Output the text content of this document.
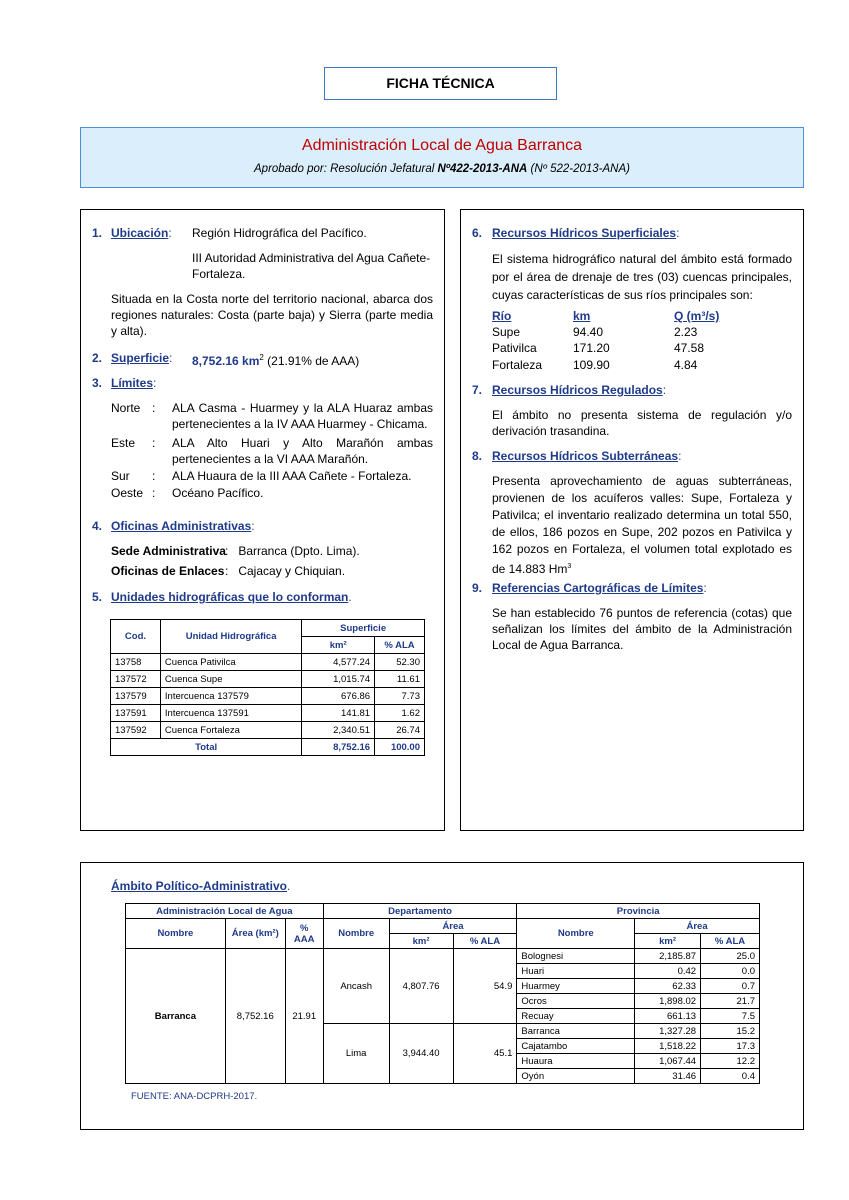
FICHA TÉCNICA
Administración Local de Agua Barranca
Aprobado por: Resolución Jefatural Nº422-2013-ANA (Nº 522-2013-ANA)
1. Ubicación: Región Hidrográfica del Pacífico.
III Autoridad Administrativa del Agua Cañete-
Fortaleza.
Situada en la Costa norte del territorio nacional, abarca dos regiones naturales: Costa (parte baja) y Sierra (parte media y alta).
2. Superficie: 8,752.16 $km^2$ (21.91% de AAA)
3. Límites:
Norte : ALA Casma - Huarmey y la ALA Huaraz ambas pertenecientes a la IV AAA Huarmey - Chicama.
Este : ALA Alto Huari y Alto Marañón ambas pertenecientes a la VI AAA Marañón.
Sur : ALA Huaura de la III AAA Cañete - Fortaleza.
Oeste : Océano Pacífico.
4. Oficinas Administrativas:
Sede Administrativa :   Barranca (Dpto. Lima).
Oficinas de Enlaces :   Cajacay y Chiquian.
5. Unidades hidrográficas que lo conforman.
Cod.	Unidad Hidrográfica	Superficie	
		km²	% ALA
13758	Cuenca Pativilca	4,577.24	52.30
137572	Cuenca Supe	1,015.74	11.61
137579	Intercuenca 137579	676.86	7.73
137591	Intercuenca 137591	141.81	1.62
137592	Cuenca Fortaleza	2,340.51	26.74
Total		8,752.16	100.00
6. Recursos Hídricos Superficiales:
El sistema hidrográfico natural del ámbito está formado por el área de drenaje de tres (03) cuencas principales, cuyas características de sus ríos principales son:
Río	km	Q (m³/s)
Supe	94.40	2.23
Pativilca	171.20	47.58
Fortaleza	109.90	4.84
7. Recursos Hídricos Regulados:
El ámbito no presenta sistema de regulación y/o derivación trasandina.
8. Recursos Hídricos Subterráneas:
Presenta aprovechamiento de aguas subterráneas, provienen de los acuíferos valles: Supe, Fortaleza y Pativilca; el inventario realizado determina un total 550, de ellos, 186 pozos en Supe, 202 pozos en Pativilca y 162 pozos en Fortaleza, el volumen total explotado es de 14.883 Hm$^3$
9. Referencias Cartográficas de Límites:
Se han establecido 76 puntos de referencia (cotas) que señalizan los límites del ámbito de la Administración Local de Agua Barranca.
Ámbito Político-Administrativo.
Administración Local de Agua			Departamento			Provincia		
Nombre	Área (km²)	% AAA	Nombre	Área		Nombre	Área	
				km²	% ALA		km²	% ALA
Barranca	8,752.16	21.91	Ancash	4,807.76	54.9	Bolognesi	2,185.87	25.0
						Huari	0.42	0.0
						Huarmey	62.33	0.7
						Ocros	1,898.02	21.7
						Recuay	661.13	7.5
			Lima	3,944.40	45.1	Barranca	1,327.28	15.2
						Cajatambo	1,518.22	17.3
						Huaura	1,067.44	12.2
						Oyón	31.46	0.4
FUENTE: ANA-DCPRH-2017.
